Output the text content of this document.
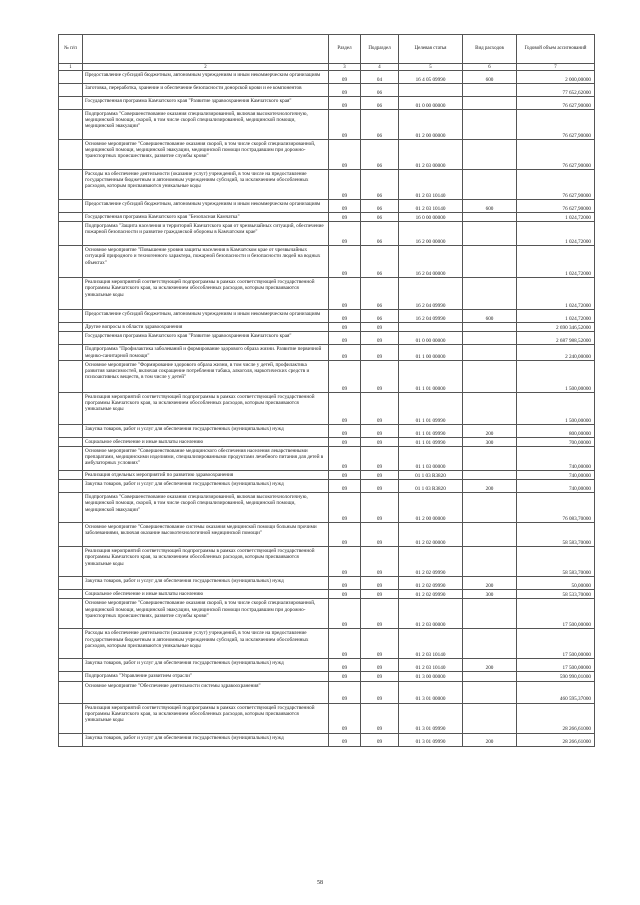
№ п/п		Раздел	Подраздел	Целевая статья	Вид расходов	Годовой объем ассигнований
1	2	3	4	5	6	7
	Предоставление субсидий бюджетным, автономным учреждениям и иным некоммерческим организациям	09	04	16 4 05 09990	600	2 000,00000
	Заготовка, переработка, хранение и обеспечение безопасности донорской крови и ее компонентов	09	06			77 652,62000
	Государственная программа Камчатского края "Развитие здравоохранения Камчатского края"	09	06	01 0 00 00000		76 627,90000
	Подпрограмма "Совершенствование оказания специализированной, включая высокотехнологичную, медицинской помощи, скорой, в том числе скорой специализированной, медицинской помощи, медицинской эвакуации"	09	06	01 2 00 00000		76 627,90000
	Основное мероприятие "Совершенствование оказания скорой, в том числе скорой специализированной, медицинской помощи, медицинской эвакуации, медицинской помощи пострадавшим при дорожно-транспортных происшествиях, развитие службы крови"	09	06	01 2 03 00000		76 627,90000
	Расходы на обеспечение деятельности (оказание услуг) учреждений, в том числе на предоставление государственным бюджетным и автономным учреждениям субсидий, за исключением обособленных расходов, которым присваиваются уникальные коды	09	06	01 2 03 10140		76 627,90000
	Предоставление субсидий бюджетным, автономным учреждениям и иным некоммерческим организациям	09	06	01 2 03 10140	600	76 627,90000
	Государственная программа Камчатского края "Безопасная Камчатка"	09	06	16 0 00 00000		1 024,72000
	Подпрограмма "Защита населения и территорий Камчатского края от чрезвычайных ситуаций, обеспечение пожарной безопасности и развитие гражданской обороны в Камчатском крае"	09	06	16 2 00 00000		1 024,72000
	Основное мероприятие "Повышение уровня защиты населения в Камчатском крае от чрезвычайных ситуаций природного и техногенного характера, пожарной безопасности и безопасности людей на водных объектах"	09	06	16 2 04 00000		1 024,72000
	Реализация мероприятий соответствующей подпрограммы в рамках соответствующей государственной программы Камчатского края, за исключением обособленных расходов, которым присваиваются уникальные коды	09	06	16 2 04 09990		1 024,72000
	Предоставление субсидий бюджетным, автономным учреждениям и иным некоммерческим организациям	09	06	16 2 04 09990	600	1 024,72000
	Другие вопросы в области здравоохранения	09	09			2 690 346,52000
	Государственная программа Камчатского края "Развитие здравоохранения Камчатского края"	09	09	01 0 00 00000		2 687 988,52000
	Подпрограмма "Профилактика заболеваний и формирование здорового образа жизни. Развитие первичной медико-санитарной помощи"	09	09	01 1 00 00000		2 240,00000
	Основное мероприятие "Формирование здорового образа жизни, в том числе у детей, профилактика развития зависимостей, включая сокращение потребления табака, алкоголя, наркотических средств и психоактивных веществ, в том числе у детей"	09	09	01 1 01 00000		1 500,00000
	Реализация мероприятий соответствующей подпрограммы в рамках соответствующей государственной программы Камчатского края, за исключением обособленных расходов, которым присваиваются уникальные коды	09	09	01 1 01 09990		1 500,00000
	Закупка товаров, работ и услуг для обеспечения государственных (муниципальных) нужд	09	09	01 1 01 09990	200	800,00000
	Социальное обеспечение и иные выплаты населению	09	09	01 1 01 09990	300	700,00000
	Основное мероприятие "Совершенствование медицинского обеспечения населения лекарственными препаратами, медицинскими изделиями, специализированными продуктами лечебного питания для детей в амбулаторных условиях"	09	09	01 1 03 00000		740,00000
	Реализация отдельных мероприятий по развитию здравоохранения	09	09	01 1 03 R3820		740,00000
	Закупка товаров, работ и услуг для обеспечения государственных (муниципальных) нужд	09	09	01 1 03 R3820	200	740,00000
	Подпрограмма "Совершенствование оказания специализированной, включая высокотехнологичную, медицинской помощи, скорой, в том числе скорой специализированной, медицинской помощи, медицинской эвакуации"	09	09	01 2 00 00000		76 083,70000
	Основное мероприятие "Совершенствование системы оказания медицинской помощи больным прочими заболеваниями, включая оказание высокотехнологичной медицинской помощи"	09	09	01 2 02 00000		58 583,70000
	Реализация мероприятий соответствующей подпрограммы в рамках соответствующей государственной программы Камчатского края, за исключением обособленных расходов, которым присваиваются уникальные коды	09	09	01 2 02 09990		58 583,70000
	Закупка товаров, работ и услуг для обеспечения государственных (муниципальных) нужд	09	09	01 2 02 09990	200	50,00000
	Социальное обеспечение и иные выплаты населению	09	09	01 2 02 09990	300	58 533,70000
	Основное мероприятие "Совершенствование оказания скорой, в том числе скорой специализированной, медицинской помощи, медицинской эвакуации, медицинской помощи пострадавшим при дорожно-транспортных происшествиях, развитие службы крови"	09	09	01 2 03 00000		17 500,00000
	Расходы на обеспечение деятельности (оказание услуг) учреждений, в том числе на предоставление государственным бюджетным и автономным учреждениям субсидий, за исключением обособленных расходов, которым присваиваются уникальные коды	09	09	01 2 03 10140		17 500,00000
	Закупка товаров, работ и услуг для обеспечения государственных (муниципальных) нужд	09	09	01 2 03 10140	200	17 500,00000
	Подпрограмма "Управление развитием отрасли"	09	09	01 3 00 00000		590 990,01000
	Основное мероприятие "Обеспечение деятельности системы здравоохранения"	09	09	01 3 01 00000		460 595,37000
	Реализация мероприятий соответствующей подпрограммы в рамках соответствующей государственной программы Камчатского края, за исключением обособленных расходов, которым присваиваются уникальные коды	09	09	01 3 01 09990		28 266,61000
	Закупка товаров, работ и услуг для обеспечения государственных (муниципальных) нужд	09	09	01 3 01 09990	200	28 266,61000
58
